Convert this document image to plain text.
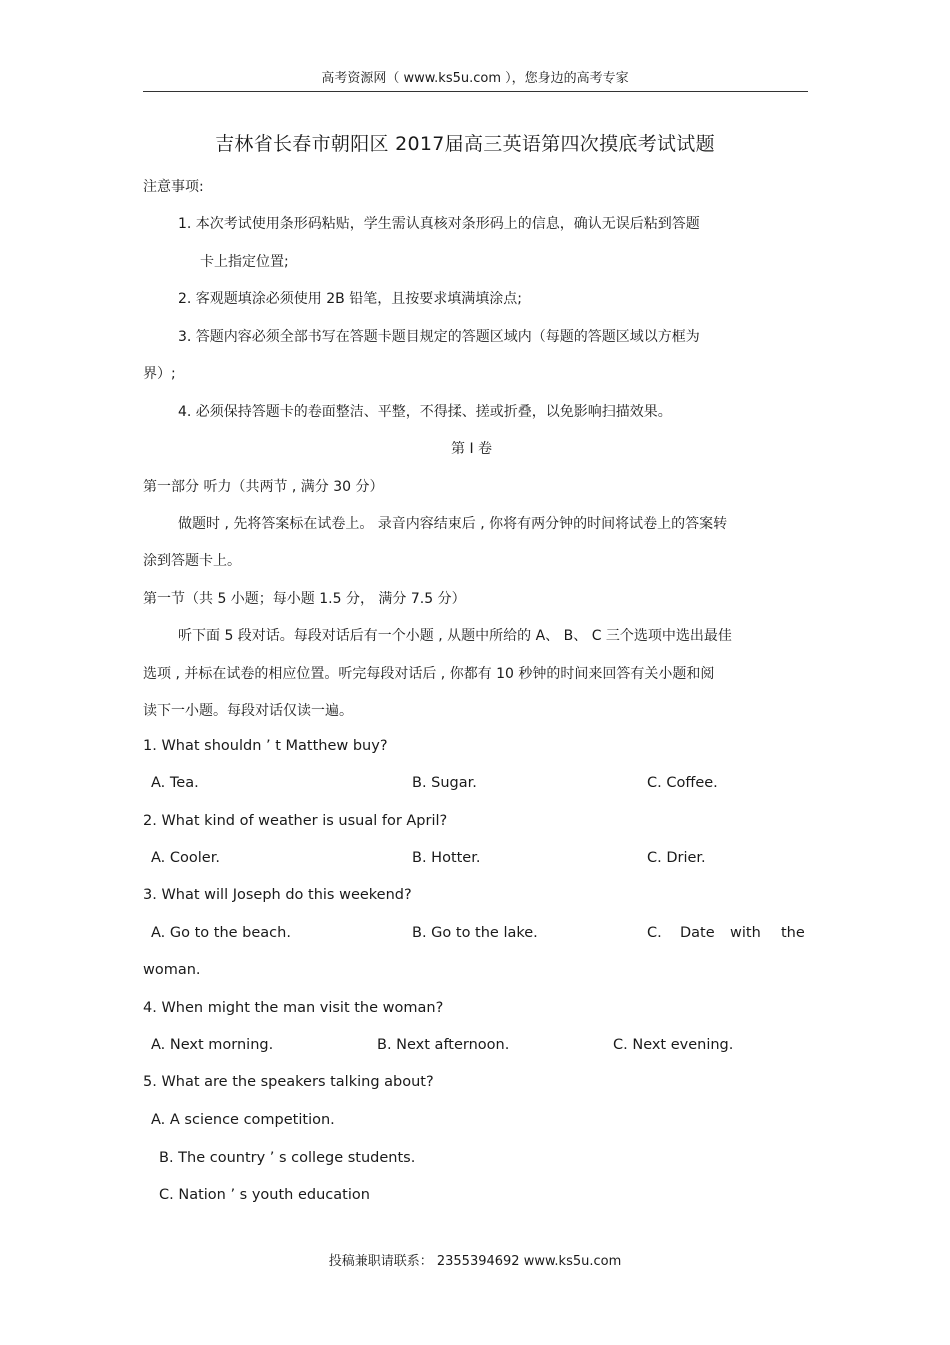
高考资源网（ www.ks5u.com ），您身边的高考专家
吉林省长春市朝阳区 2017届高三英语第四次摸底考试试题
注意事项:
1. 本次考试使用条形码粘贴，学生需认真核对条形码上的信息，确认无误后粘到答题
卡上指定位置;
2. 客观题填涂必须使用 2B 铅笔，且按要求填满填涂点;
3. 答题内容必须全部书写在答题卡题目规定的答题区域内（每题的答题区域以方框为
界）;
4. 必须保持答题卡的卷面整洁、平整，不得揉、搓或折叠，以免影响扫描效果。
第 I 卷
第一部分 听力（共两节 , 满分 30 分）
做题时 , 先将答案标在试卷上。 录音内容结束后 , 你将有两分钟的时间将试卷上的答案转
涂到答题卡上。
第一节（共 5 小题；每小题 1.5 分， 满分 7.5 分）
听下面 5 段对话。每段对话后有一个小题 , 从题中所给的 A、 B、 C 三个选项中选出最佳
选项 , 并标在试卷的相应位置。听完每段对话后 , 你都有 10 秒钟的时间来回答有关小题和阅
读下一小题。每段对话仅读一遍。
1. What shouldn ’ t Matthew buy?
A. Tea.	B. Sugar.	C. Coffee.
2. What kind of weather is usual for April?
A. Cooler.	B. Hotter.	C. Drier.
3. What will Joseph do this weekend?
A. Go to the beach.	B. Go to the lake.	C. Date with the
woman.
4. When might the man visit the woman?
A. Next morning.	B. Next afternoon.	C. Next evening.
5. What are the speakers talking about?
A. A science competition.
B. The country ’ s college students.
C. Nation ’ s youth education
投稿兼职请联系： 2355394692 www.ks5u.com
